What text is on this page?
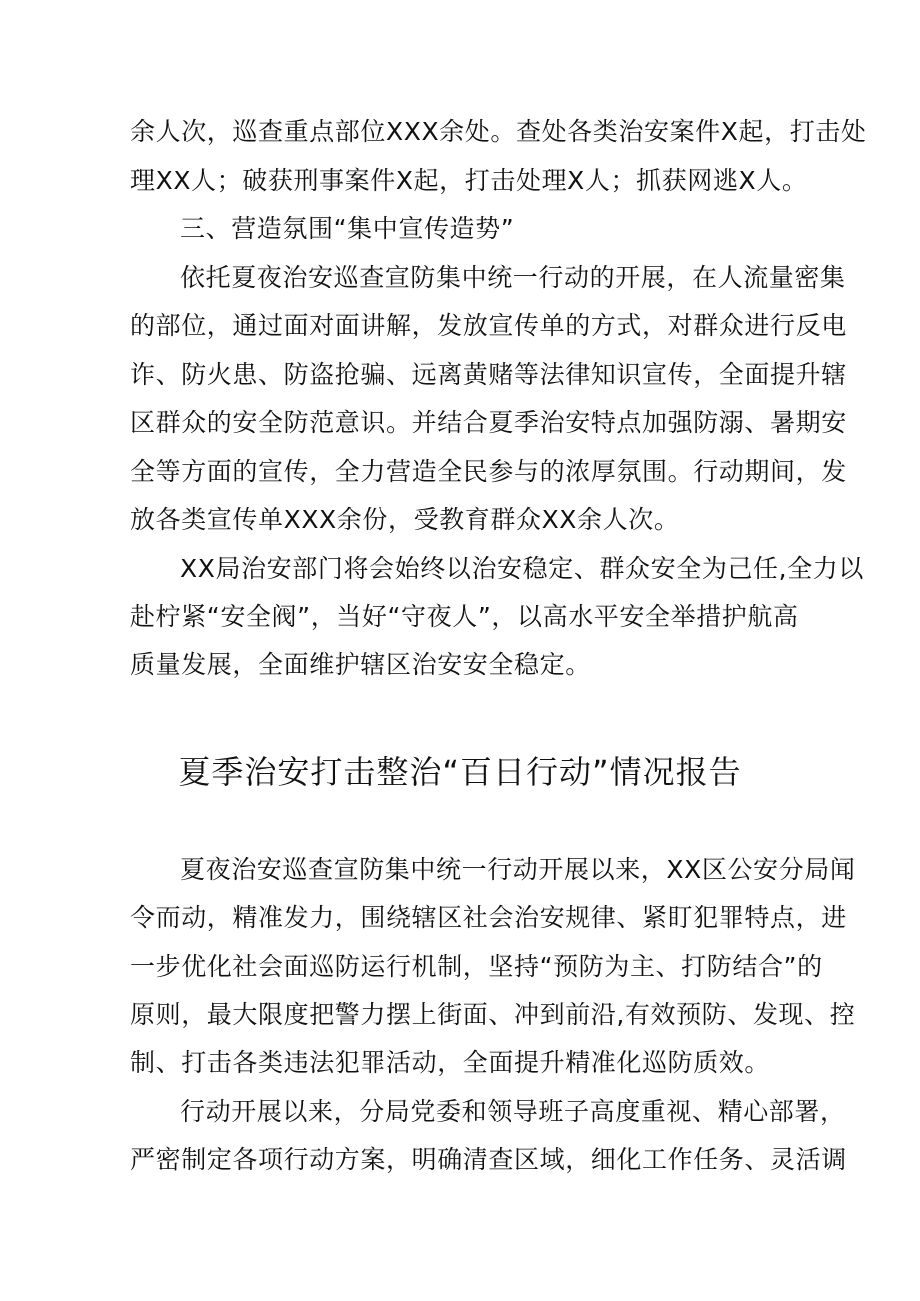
余人次，巡查重点部位XXX余处。查处各类治安案件X起，打击处
理XX人；破获刑事案件X起，打击处理X人；抓获网逃X人。
三、营造氛围“集中宣传造势”
依托夏夜治安巡查宣防集中统一行动的开展，在人流量密集
的部位，通过面对面讲解，发放宣传单的方式，对群众进行反电
诈、防火患、防盗抢骗、远离黄赌等法律知识宣传，全面提升辖
区群众的安全防范意识。并结合夏季治安特点加强防溺、暑期安
全等方面的宣传，全力营造全民参与的浓厚氛围。行动期间，发
放各类宣传单XXX余份，受教育群众XX余人次。
XX局治安部门将会始终以治安稳定、群众安全为己任,全力以
赴柠紧“安全阀”，当好“守夜人”，以高水平安全举措护航高
质量发展，全面维护辖区治安安全稳定。
夏季治安打击整治“百日行动”情况报告
夏夜治安巡查宣防集中统一行动开展以来，XX区公安分局闻
令而动，精准发力，围绕辖区社会治安规律、紧盯犯罪特点，进
一步优化社会面巡防运行机制，坚持“预防为主、打防结合”的
原则，最大限度把警力摆上街面、冲到前沿,有效预防、发现、控
制、打击各类违法犯罪活动，全面提升精准化巡防质效。
行动开展以来，分局党委和领导班子高度重视、精心部署，
严密制定各项行动方案，明确清查区域，细化工作任务、灵活调
